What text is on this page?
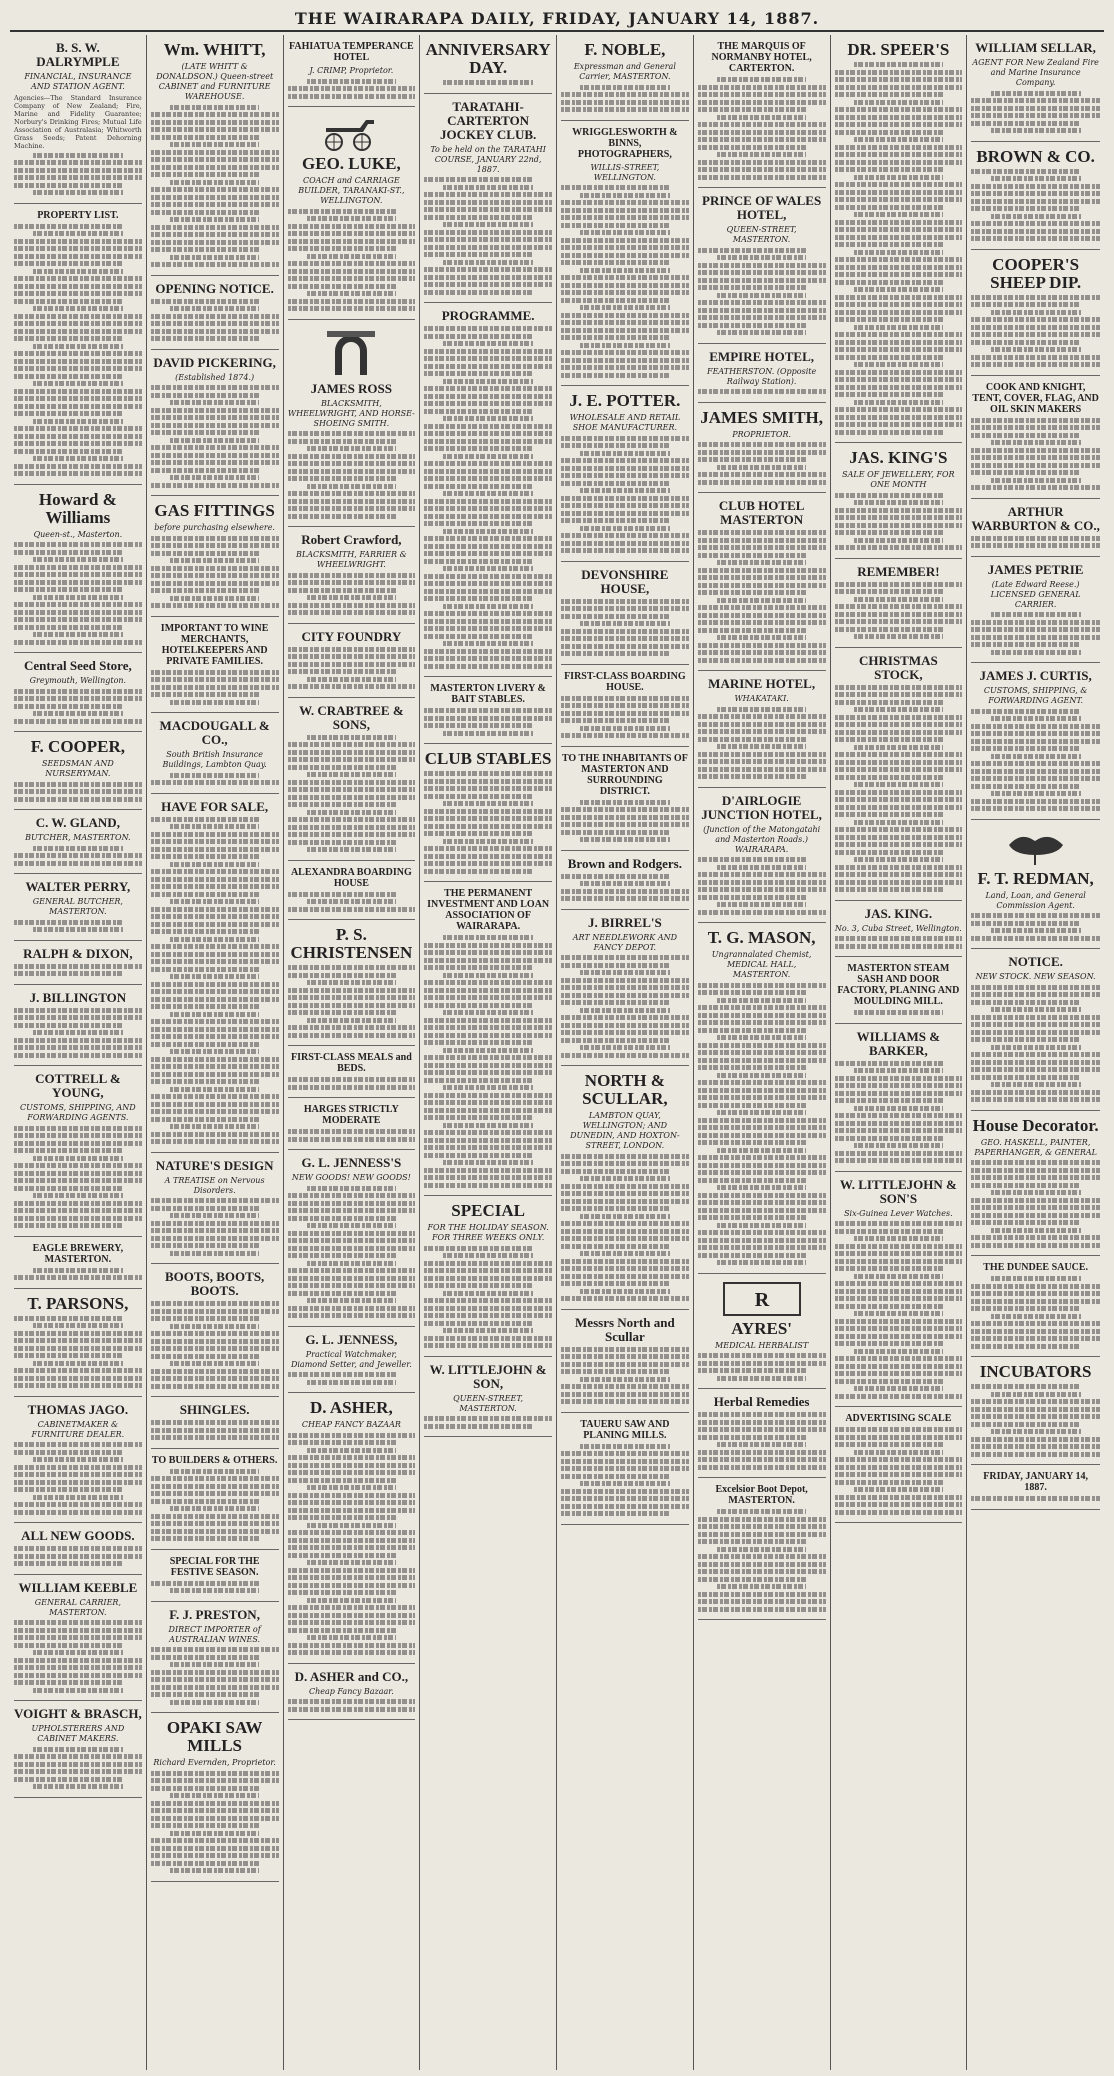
THE WAIRARAPA DAILY, FRIDAY, JANUARY 14, 1887.
B. S. W. DALRYMPLE
FINANCIAL, INSURANCE AND STATION AGENT.
Agencies—The Standard Insurance Company of New Zealand; Fire, Marine and Fidelity Guarantee; Norbury's Drinking Fires; Mutual Life Association of Australasia; Whitworth Grass Seeds; Patent Dehorning Machine.
PROPERTY LIST.
Howard & Williams
Queen-st., Masterton.
Central Seed Store,
Greymouth, Wellington.
F. COOPER,
SEEDSMAN AND NURSERYMAN.
C. W. GLAND,
BUTCHER, MASTERTON.
WALTER PERRY,
GENERAL BUTCHER, MASTERTON.
RALPH & DIXON,
J. BILLINGTON
COTTRELL & YOUNG,
CUSTOMS, SHIPPING, AND FORWARDING AGENTS.
EAGLE BREWERY, MASTERTON.
T. PARSONS,
THOMAS JAGO.
CABINETMAKER & FURNITURE DEALER.
ALL NEW GOODS.
WILLIAM KEEBLE
GENERAL CARRIER, MASTERTON.
VOIGHT & BRASCH,
UPHOLSTERERS AND CABINET MAKERS.
Wm. WHITT,
(LATE WHITT & DONALDSON.) Queen-street CABINET and FURNITURE WAREHOUSE.
OPENING NOTICE.
DAVID PICKERING,
(Established 1874.)
GAS FITTINGS
before purchasing elsewhere.
IMPORTANT TO WINE MERCHANTS, HOTELKEEPERS AND PRIVATE FAMILIES.
MACDOUGALL & CO.,
South British Insurance Buildings, Lambton Quay.
HAVE FOR SALE,
NATURE'S DESIGN
A TREATISE on Nervous Disorders.
BOOTS, BOOTS, BOOTS.
SHINGLES.
TO BUILDERS & OTHERS.
SPECIAL FOR THE FESTIVE SEASON.
F. J. PRESTON,
DIRECT IMPORTER of AUSTRALIAN WINES.
OPAKI SAW MILLS
Richard Evernden, Proprietor.
FAHIATUA TEMPERANCE HOTEL
J. CRIMP, Proprietor.
GEO. LUKE,
COACH and CARRIAGE BUILDER, TARANAKI-ST., WELLINGTON.
JAMES ROSS
BLACKSMITH, WHEELWRIGHT, AND HORSE-SHOEING SMITH.
Robert Crawford,
BLACKSMITH, FARRIER & WHEELWRIGHT.
CITY FOUNDRY
W. CRABTREE & SONS,
ALEXANDRA BOARDING HOUSE
P. S. CHRISTENSEN
FIRST-CLASS MEALS and BEDS.
HARGES STRICTLY MODERATE
G. L. JENNESS'S
NEW GOODS! NEW GOODS!
G. L. JENNESS,
Practical Watchmaker, Diamond Setter, and Jeweller.
D. ASHER,
CHEAP FANCY BAZAAR
D. ASHER and CO.,
Cheap Fancy Bazaar.
ANNIVERSARY DAY.
TARATAHI-CARTERTON JOCKEY CLUB.
To be held on the TARATAHI COURSE, JANUARY 22nd, 1887.
PROGRAMME.
MASTERTON LIVERY & BAIT STABLES.
CLUB STABLES
THE PERMANENT INVESTMENT AND LOAN ASSOCIATION OF WAIRARAPA.
SPECIAL
FOR THE HOLIDAY SEASON. FOR THREE WEEKS ONLY.
W. LITTLEJOHN & SON,
QUEEN-STREET, MASTERTON.
F. NOBLE,
Expressman and General Carrier, MASTERTON.
WRIGGLESWORTH & BINNS, PHOTOGRAPHERS,
WILLIS-STREET, WELLINGTON.
J. E. POTTER.
WHOLESALE AND RETAIL SHOE MANUFACTURER.
DEVONSHIRE HOUSE,
FIRST-CLASS BOARDING HOUSE.
TO THE INHABITANTS OF MASTERTON AND SURROUNDING DISTRICT.
Brown and Rodgers.
J. BIRREL'S
ART NEEDLEWORK AND FANCY DEPOT.
NORTH & SCULLAR,
LAMBTON QUAY, WELLINGTON; AND DUNEDIN, AND HOXTON-STREET, LONDON.
Messrs North and Scullar
TAUERU SAW AND PLANING MILLS.
THE MARQUIS OF NORMANBY HOTEL, CARTERTON.
PRINCE OF WALES HOTEL,
QUEEN-STREET, MASTERTON.
EMPIRE HOTEL,
FEATHERSTON. (Opposite Railway Station).
JAMES SMITH,
PROPRIETOR.
CLUB HOTEL MASTERTON
MARINE HOTEL,
WHAKATAKI.
D'AIRLOGIE JUNCTION HOTEL,
(Junction of the Matongatahi and Masterton Roads.) WAIRARAPA.
T. G. MASON,
Ungrannalated Chemist, MEDICAL HALL, MASTERTON.
R
AYRES'
MEDICAL HERBALIST
Herbal Remedies
Excelsior Boot Depot, MASTERTON.
DR. SPEER'S
JAS. KING'S
SALE OF JEWELLERY, FOR ONE MONTH
REMEMBER!
CHRISTMAS STOCK,
JAS. KING.
No. 3, Cuba Street, Wellington.
MASTERTON STEAM SASH AND DOOR FACTORY, PLANING AND MOULDING MILL.
WILLIAMS & BARKER,
W. LITTLEJOHN & SON'S
Six-Guinea Lever Watches.
ADVERTISING SCALE
WILLIAM SELLAR,
AGENT FOR New Zealand Fire and Marine Insurance Company.
BROWN & CO.
COOPER'S SHEEP DIP.
COOK AND KNIGHT, TENT, COVER, FLAG, AND OIL SKIN MAKERS
ARTHUR WARBURTON & CO.,
JAMES PETRIE
(Late Edward Reese.) LICENSED GENERAL CARRIER.
JAMES J. CURTIS,
CUSTOMS, SHIPPING, & FORWARDING AGENT.
F. T. REDMAN,
Land, Loan, and General Commission Agent.
NOTICE.
NEW STOCK. NEW SEASON.
House Decorator.
GEO. HASKELL, PAINTER, PAPERHANGER, & GENERAL
THE DUNDEE SAUCE.
INCUBATORS
FRIDAY, JANUARY 14, 1887.
